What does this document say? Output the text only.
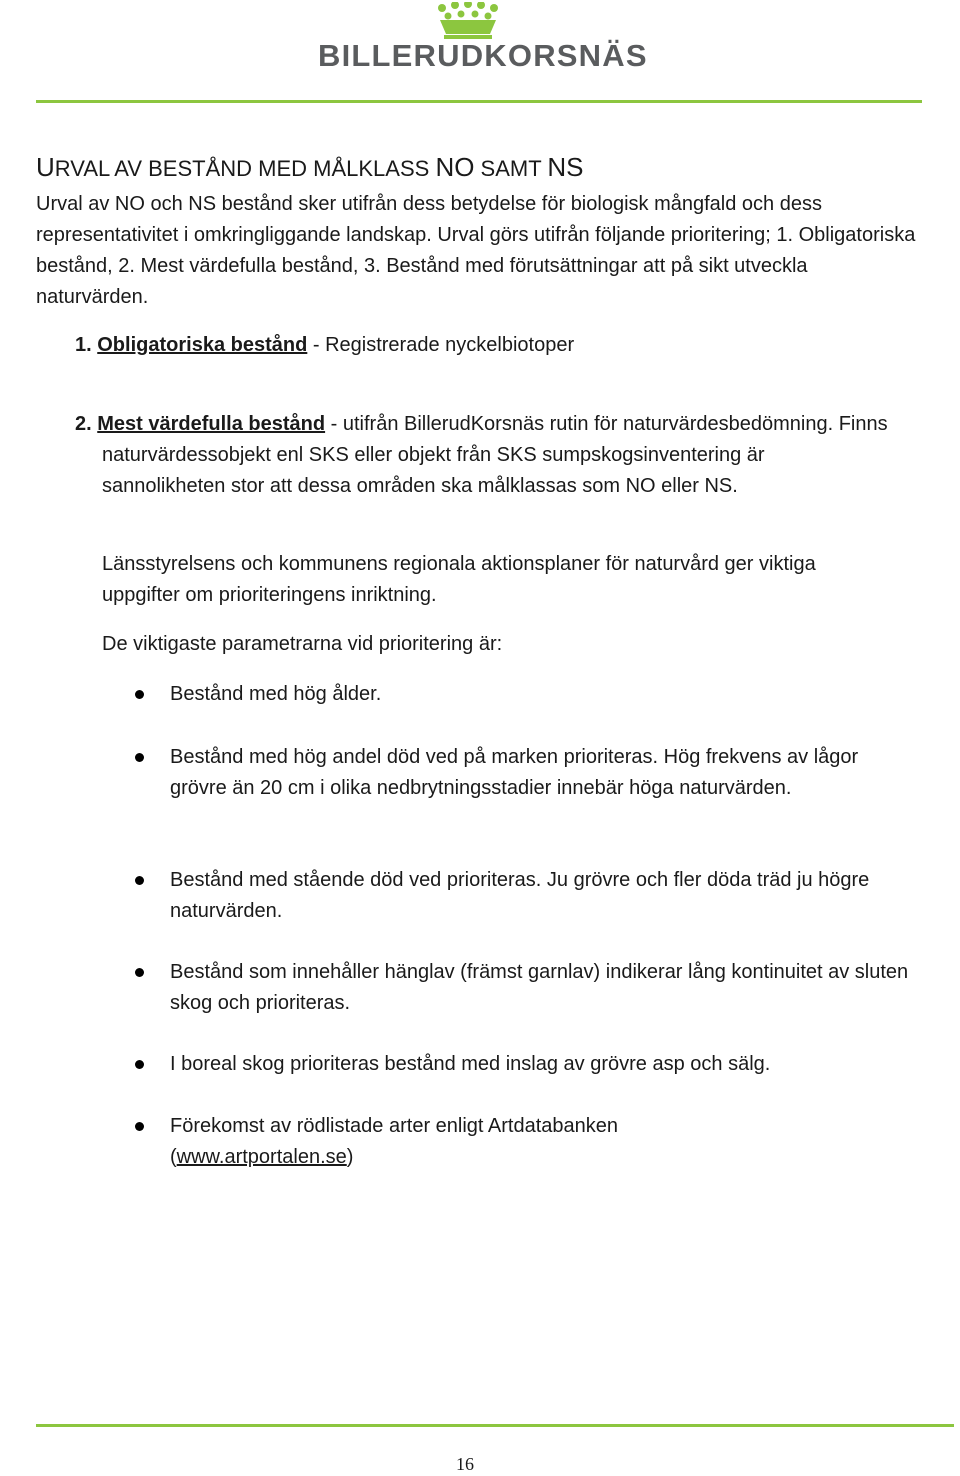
BILLERUDKORSNÄS
URVAL AV BESTÅND MED MÅLKLASS NO SAMT NS
Urval av NO och NS bestånd sker utifrån dess betydelse för biologisk mångfald och dess representativitet i omkringliggande landskap. Urval görs utifrån följande prioritering; 1. Obligatoriska bestånd, 2. Mest värdefulla bestånd, 3. Bestånd med förutsättningar att på sikt utveckla naturvärden.
1. Obligatoriska bestånd - Registrerade nyckelbiotoper
2. Mest värdefulla bestånd - utifrån BillerudKorsnäs rutin för naturvärdesbedömning. Finns naturvärdessobjekt enl SKS eller objekt från SKS sumpskogsinventering är sannolikheten stor att dessa områden ska målklassas som NO eller NS.
Länsstyrelsens och kommunens regionala aktionsplaner för naturvård ger viktiga uppgifter om prioriteringens inriktning.
De viktigaste parametrarna vid prioritering är:
Bestånd med hög ålder.
Bestånd med hög andel död ved på marken prioriteras. Hög frekvens av lågor grövre än 20 cm i olika nedbrytningsstadier innebär höga naturvärden.
Bestånd med stående död ved prioriteras. Ju grövre och fler döda träd ju högre naturvärden.
Bestånd som innehåller hänglav (främst garnlav) indikerar lång kontinuitet av sluten skog och prioriteras.
I boreal skog prioriteras bestånd med inslag av grövre asp och sälg.
Förekomst av rödlistade arter enligt Artdatabanken
(www.artportalen.se)
16
